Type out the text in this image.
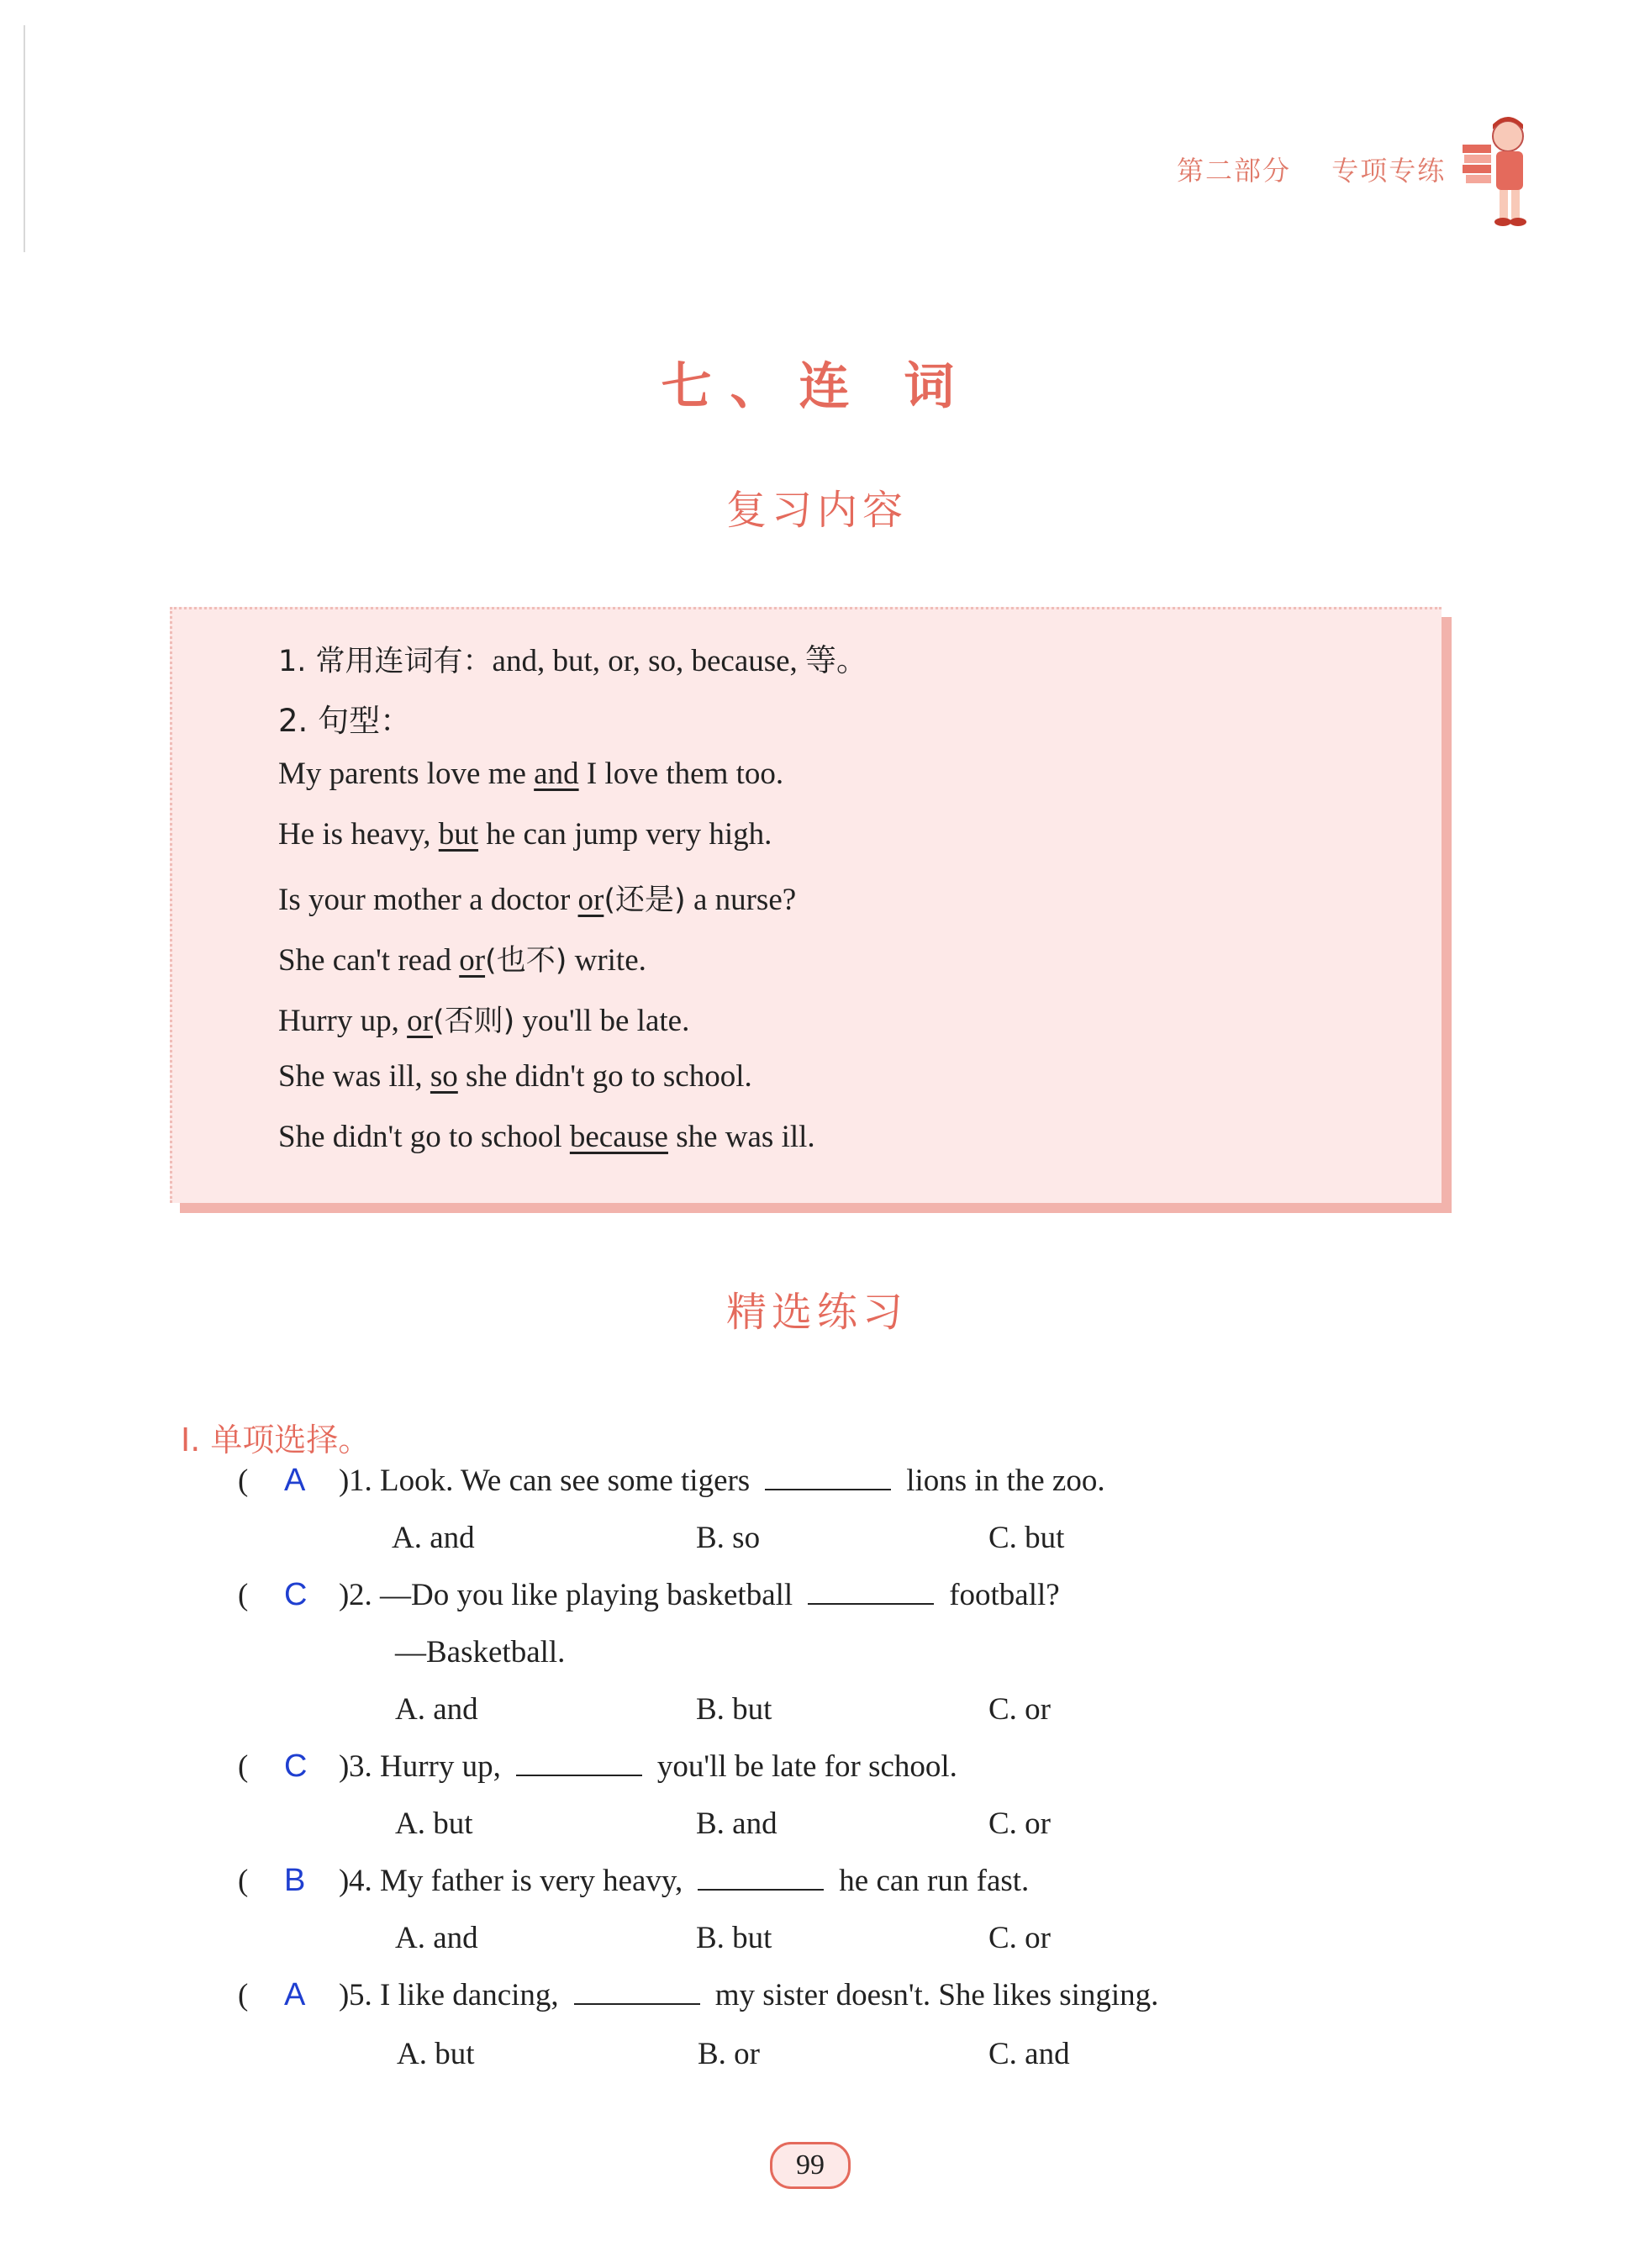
第二部分 专项专练
七、连 词
复习内容
1. 常用连词有：and, but, or, so, because, 等。
2. 句型：
My parents love me and I love them too.
He is heavy, but he can jump very high.
Is your mother a doctor or(还是) a nurse?
She can't read or(也不) write.
Hurry up, or(否则) you'll be late.
She was ill, so she didn't go to school.
She didn't go to school because she was ill.
精选练习
Ⅰ. 单项选择。
( A ) 1. Look. We can see some tigers	lions in the zoo.
A. and	B. so	C. but
( C ) 2. —Do you like playing basketball	football?
—Basketball.
A. and	B. but	C. or
( C ) 3. Hurry up,	you'll be late for school.
A. but	B. and	C. or
( B ) 4. My father is very heavy,	he can run fast.
A. and	B. but	C. or
( A ) 5. I like dancing,	my sister doesn't. She likes singing.
A. but	B. or	C. and
99
